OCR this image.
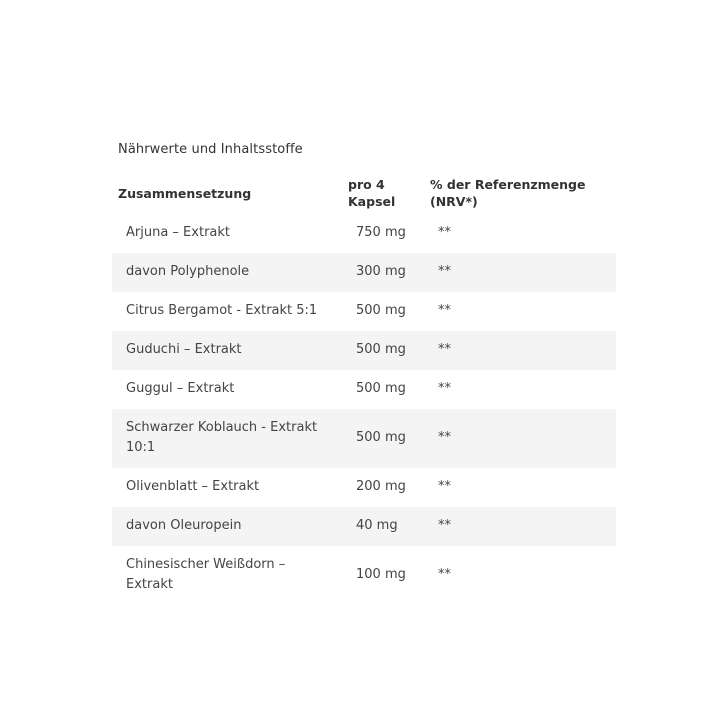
Nährwerte und Inhaltsstoffe
Zusammensetzung	pro 4 Kapsel	% der Referenzmenge (NRV*)
Arjuna – Extrakt	750 mg	**
davon Polyphenole	300 mg	**
Citrus Bergamot - Extrakt 5:1	500 mg	**
Guduchi – Extrakt	500 mg	**
Guggul – Extrakt	500 mg	**
Schwarzer Koblauch - Extrakt 10:1	500 mg	**
Olivenblatt – Extrakt	200 mg	**
davon Oleuropein	40 mg	**
Chinesischer Weißdorn – Extrakt	100 mg	**
